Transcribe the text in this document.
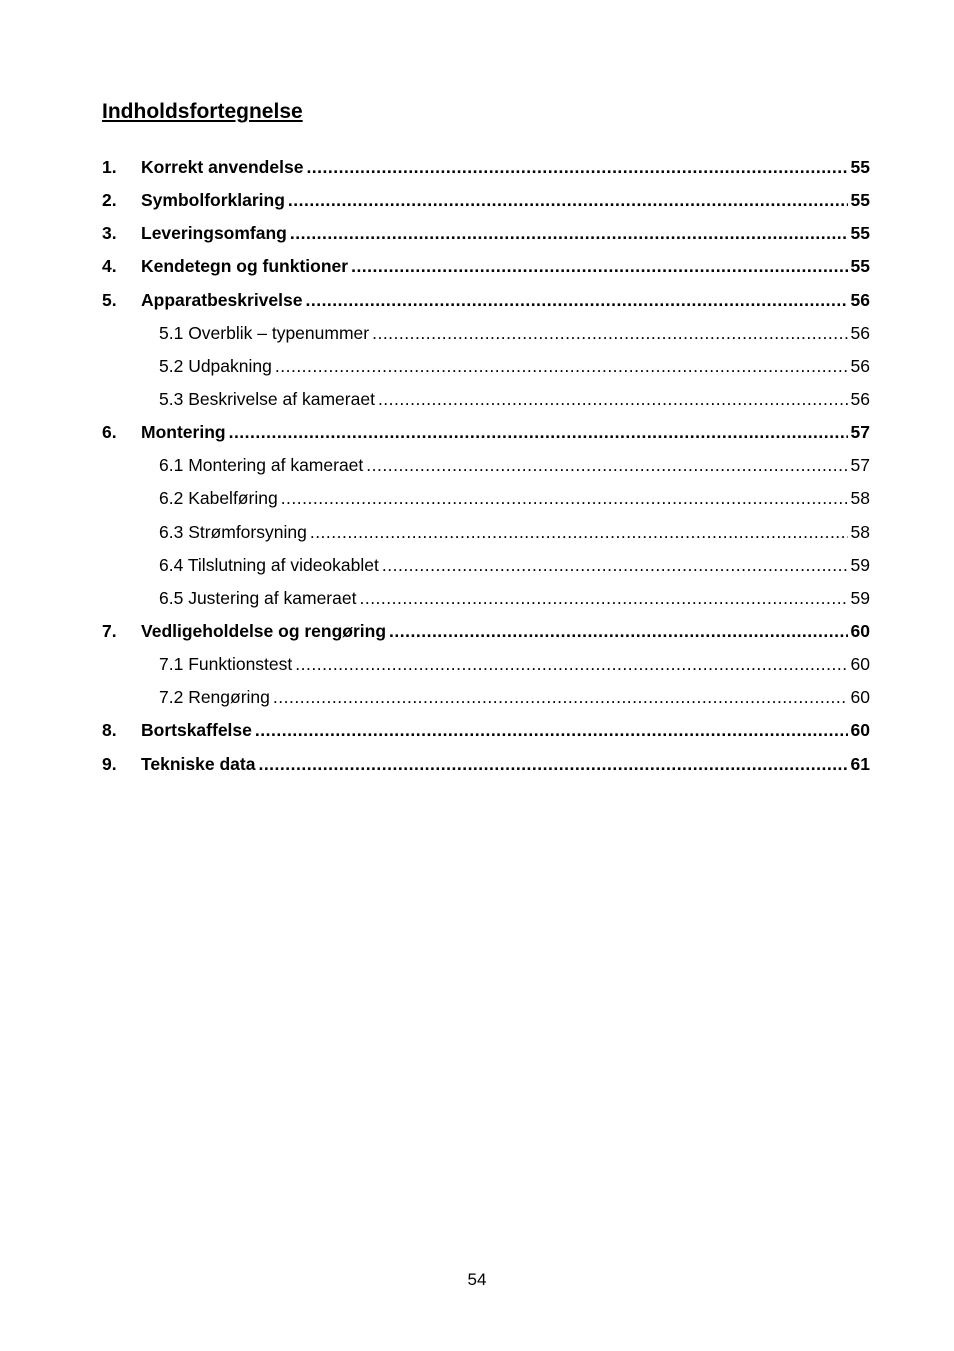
Indholdsfortegnelse
1.	Korrekt anvendelse .....	55
2.	Symbolforklaring .....	55
3.	Leveringsomfang .....	55
4.	Kendetegn og funktioner .....	55
5.	Apparatbeskrivelse .....	56
5.1 Overblik – typenummer .....	56
5.2 Udpakning .....	56
5.3 Beskrivelse af kameraet .....	56
6.	Montering .....	57
6.1 Montering af kameraet .....	57
6.2 Kabelføring .....	58
6.3 Strømforsyning .....	58
6.4 Tilslutning af videokablet .....	59
6.5 Justering af kameraet .....	59
7.	Vedligeholdelse og rengøring .....	60
7.1 Funktionstest .....	60
7.2 Rengøring .....	60
8.	Bortskaffelse .....	60
9.	Tekniske data .....	61
54
